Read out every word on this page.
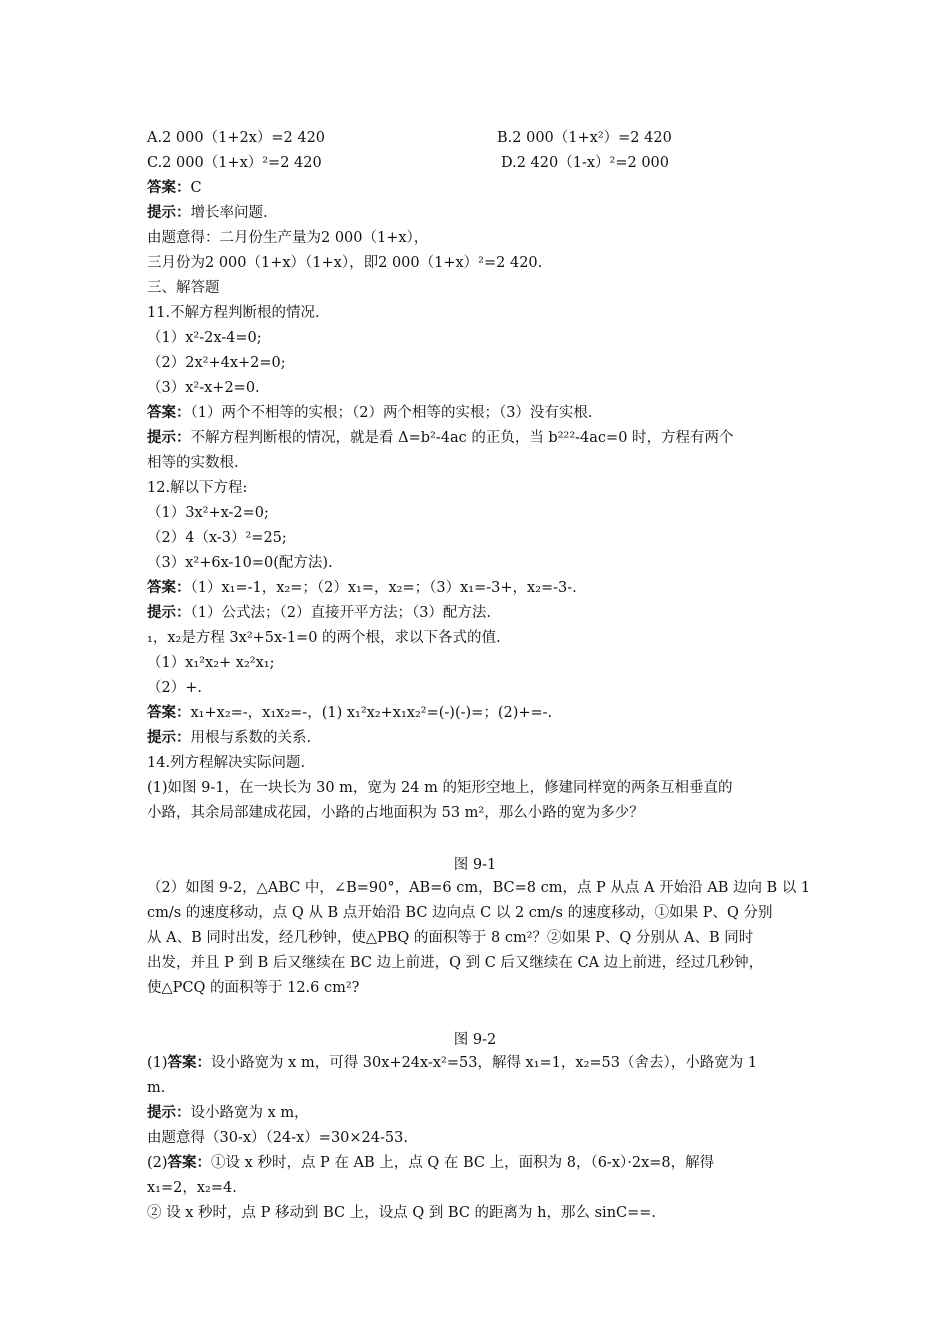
A.2 000（1+2x）=2 420	B.2 000（1+x²）=2 420
C.2 000（1+x）²=2 420	D.2 420（1-x）²=2 000
答案：C
提示：增长率问题.
由题意得：二月份生产量为2 000（1+x），
三月份为2 000（1+x）（1+x），即2 000（1+x）²=2 420.
三、解答题
11.不解方程判断根的情况.
（1）x²-2x-4=0;
（2）2x²+4x+2=0;
（3）x²-x+2=0.
答案：（1）两个不相等的实根；（2）两个相等的实根；（3）没有实根.
提示：不解方程判断根的情况，就是看 Δ=b²-4ac 的正负，当 b²²²-4ac=0 时，方程有两个
相等的实数根.
12.解以下方程:
（1）3x²+x-2=0;
（2）4（x-3）²=25;
（3）x²+6x-10=0(配方法).
答案：（1）x₁=-1，x₂=；（2）x₁=，x₂=；（3）x₁=-3+，x₂=-3-.
提示：（1）公式法；（2）直接开平方法；（3）配方法.
₁，x₂是方程 3x²+5x-1=0 的两个根，求以下各式的值.
（1）x₁²x₂+ x₂²x₁;
（2）+.
答案：x₁+x₂=-，x₁x₂=-，(1) x₁²x₂+x₁x₂²=(-)(-)=；(2)+=-.
提示：用根与系数的关系.
14.列方程解决实际问题.
(1)如图 9-1，在一块长为 30 m，宽为 24 m 的矩形空地上，修建同样宽的两条互相垂直的
小路，其余局部建成花园，小路的占地面积为 53 m²，那么小路的宽为多少？
图 9-1
（2）如图 9-2，△ABC 中，∠B=90°，AB=6 cm，BC=8 cm，点 P 从点 A 开始沿 AB 边向 B 以 1
cm/s 的速度移动，点 Q 从 B 点开始沿 BC 边向点 C 以 2 cm/s 的速度移动，①如果 P、Q 分别
从 A、B 同时出发，经几秒钟，使△PBQ 的面积等于 8 cm²？②如果 P、Q 分别从 A、B 同时
出发，并且 P 到 B 后又继续在 BC 边上前进，Q 到 C 后又继续在 CA 边上前进，经过几秒钟，
使△PCQ 的面积等于 12.6 cm²?
图 9-2
(1)答案：设小路宽为 x m，可得 30x+24x-x²=53，解得 x₁=1，x₂=53（舍去），小路宽为 1
m.
提示：设小路宽为 x m，
由题意得（30-x）（24-x）=30×24-53.
(2)答案：①设 x 秒时，点 P 在 AB 上，点 Q 在 BC 上，面积为 8，（6-x）·2x=8，解得
x₁=2，x₂=4.
② 设 x 秒时，点 P 移动到 BC 上，设点 Q 到 BC 的距离为 h，那么 sinC==.
